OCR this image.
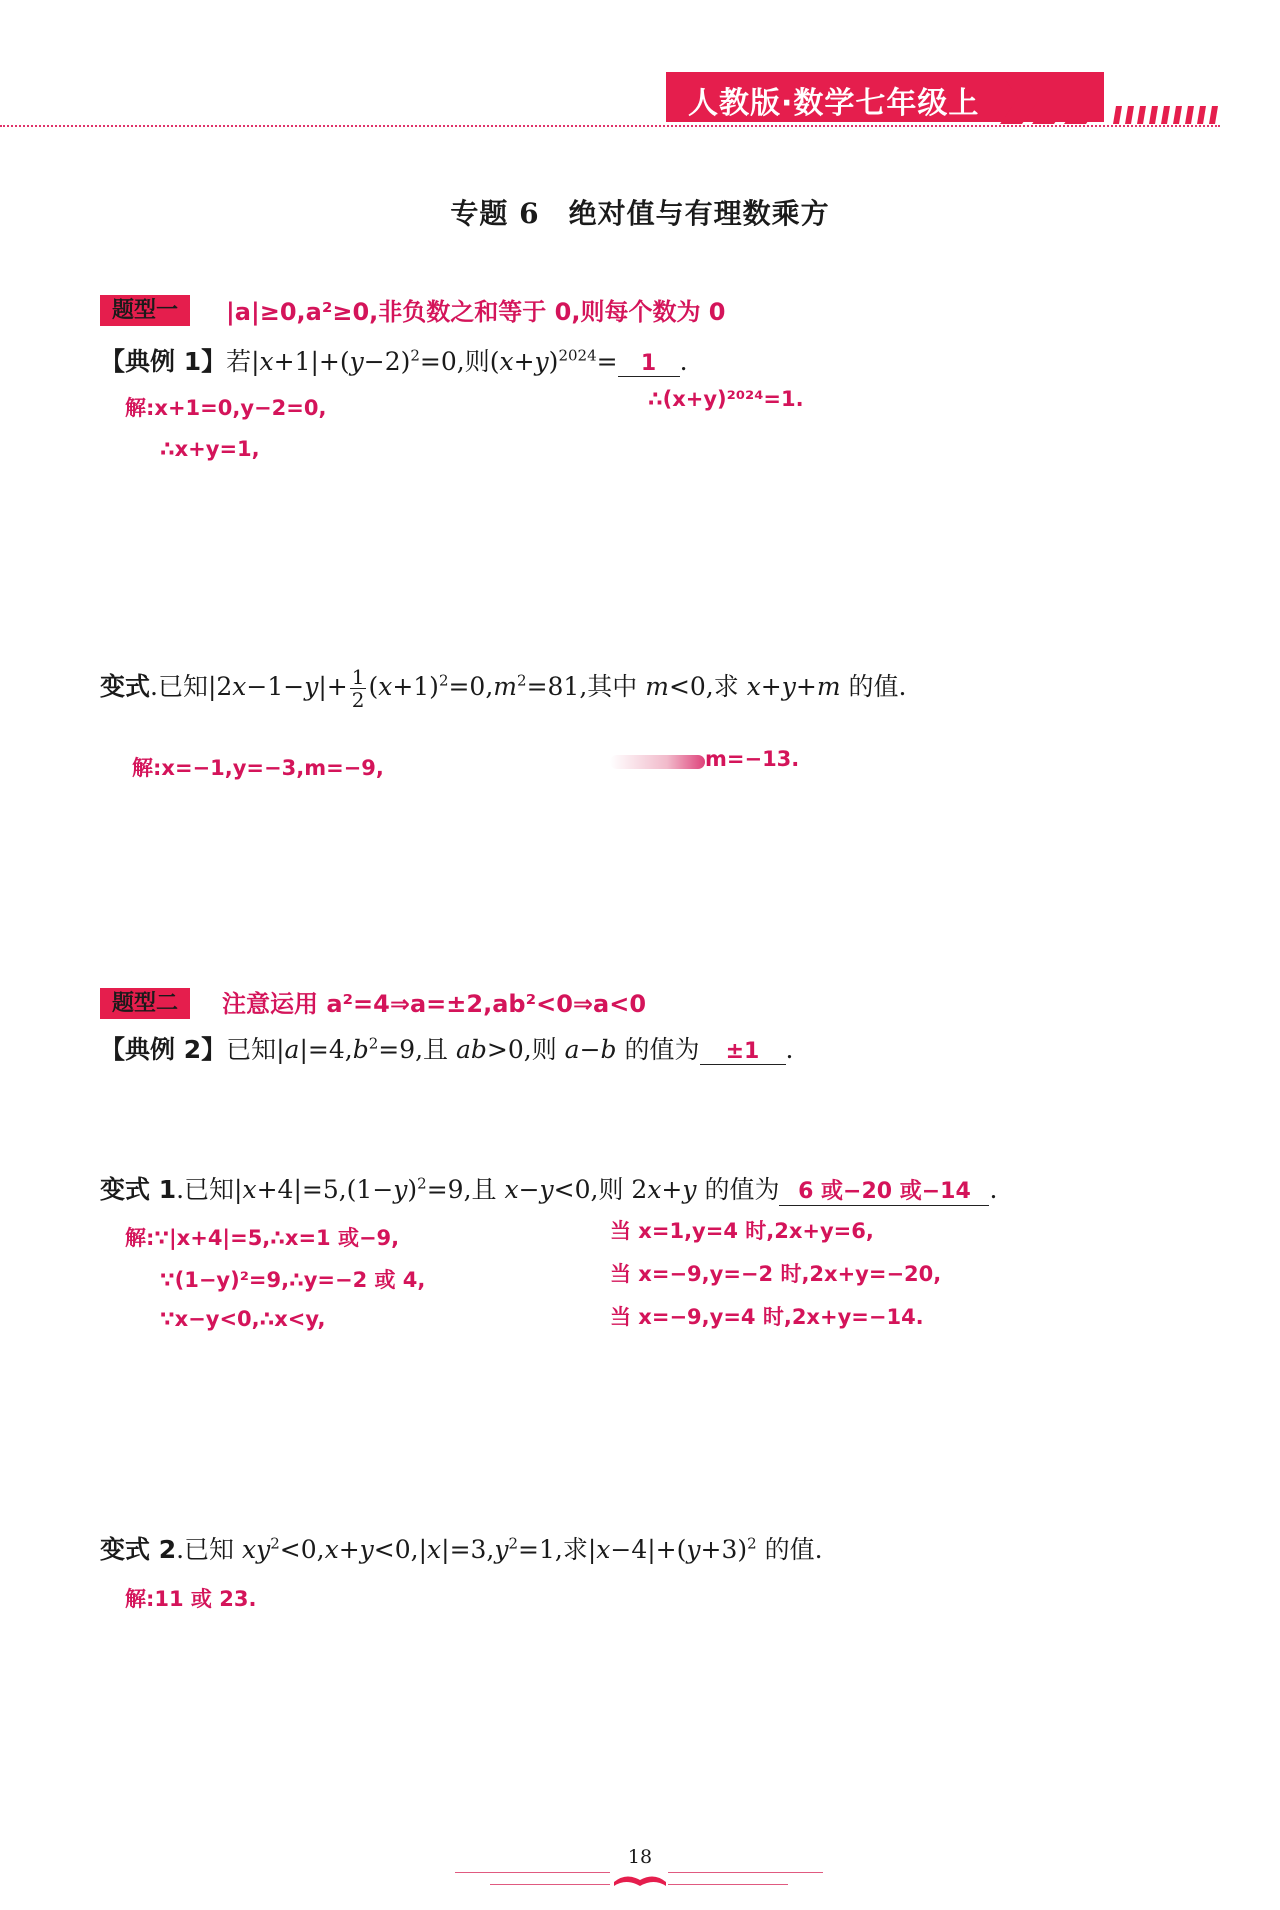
人教版·数学七年级上
专题 6　绝对值与有理数乘方
题型一	|a|≥0,a²≥0,非负数之和等于 0,则每个数为 0
【典例 1】若$|x+1|+(y-2)^2=0$,则$(x+y)^{2024}= 1$ .
解:x+1=0,y−2=0,
∴x+y=1,
∴(x+y)²⁰²⁴=1.
变式.已知$|2x-1-y|+ \frac{1}{2} (x+1)^2=0,m^2=81$,其中 m<0,求 x+y+m 的值.
解:x=−1,y=−3,m=−9,	m=−13.
题型二	注意运用 a²=4⇒a=±2,ab²<0⇒a<0
【典例 2】已知$|a|=4,b^2=9$,且 ab>0,则 a−b 的值为 ±1 .
变式 1.已知$|x+4|=5,(1-y)^2=9$,且 x−y<0,则 2x+y 的值为 6 或−20 或−14 .
解:∵|x+4|=5,∴x=1 或−9,
∵(1−y)²=9,∴y=−2 或 4,
∵x−y<0,∴x<y,
当 x=1,y=4 时,2x+y=6,
当 x=−9,y=−2 时,2x+y=−20,
当 x=−9,y=4 时,2x+y=−14.
变式 2.已知 $xy^2<0,x+y<0,|x|=3,y^2=1$,求$|x-4|+(y+3)^2$ 的值.
解:11 或 23.
18
